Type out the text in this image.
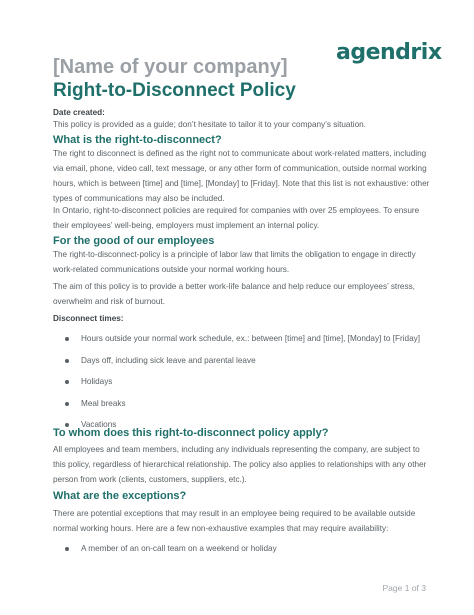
agendrix
[Name of your company]
Right-to-Disconnect Policy
Date created:
This policy is provided as a guide; don’t hesitate to tailor it to your company’s situation.
What is the right-to-disconnect?
The right to disconnect is defined as the right not to communicate about work-related matters, including via email, phone, video call, text message, or any other form of communication, outside normal working hours, which is between [time] and [time], [Monday] to [Friday]. Note that this list is not exhaustive: other types of communications may also be included.
In Ontario, right-to-disconnect policies are required for companies with over 25 employees. To ensure their employees’ well-being, employers must implement an internal policy.
For the good of our employees
The right-to-disconnect-policy is a principle of labor law that limits the obligation to engage in directly work-related communications outside your normal working hours.
The aim of this policy is to provide a better work-life balance and help reduce our employees’ stress, overwhelm and risk of burnout.
Disconnect times:
Hours outside your normal work schedule, ex.: between [time] and [time], [Monday] to [Friday]
Days off, including sick leave and parental leave
Holidays
Meal breaks
Vacations
To whom does this right-to-disconnect policy apply?
All employees and team members, including any individuals representing the company, are subject to this policy, regardless of hierarchical relationship. The policy also applies to relationships with any other person from work (clients, customers, suppliers, etc.).
What are the exceptions?
There are potential exceptions that may result in an employee being required to be available outside normal working hours. Here are a few non-exhaustive examples that may require availability:
A member of an on-call team on a weekend or holiday
Page 1 of 3
